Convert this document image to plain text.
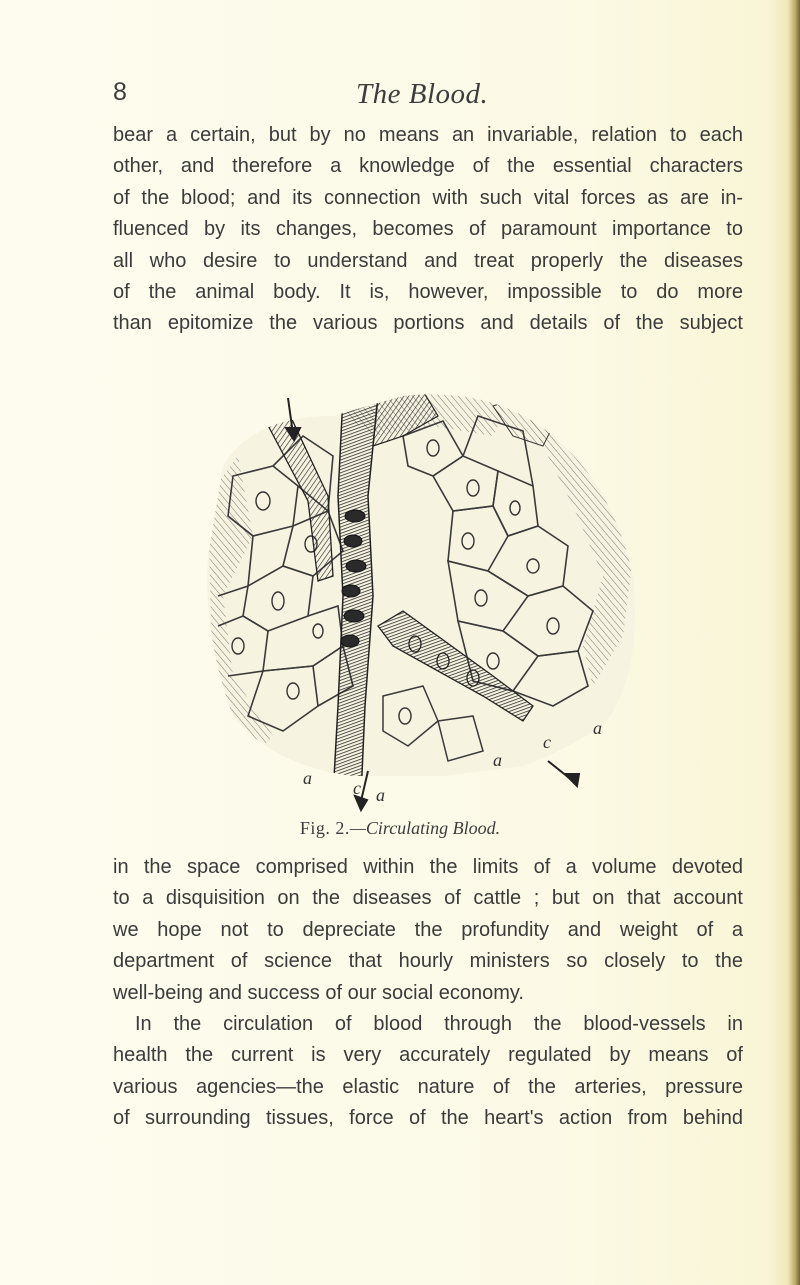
8	The Blood.
bear a certain, but by no means an invariable, relation to each
other, and therefore a knowledge of the essential characters
of the blood; and its connection with such vital forces as are in-
fluenced by its changes, becomes of paramount importance to
all who desire to understand and treat properly the diseases
of the animal body. It is, however, impossible to do more
than epitomize the various portions and details of the subject
a c a
a
c
a
Fig. 2.—Circulating Blood.
in the space comprised within the limits of a volume devoted
to a disquisition on the diseases of cattle ; but on that account
we hope not to depreciate the profundity and weight of a
department of science that hourly ministers so closely to the
well-being and success of our social economy.
In the circulation of blood through the blood-vessels in
health the current is very accurately regulated by means of
various agencies—the elastic nature of the arteries, pressure
of surrounding tissues, force of the heart's action from behind
